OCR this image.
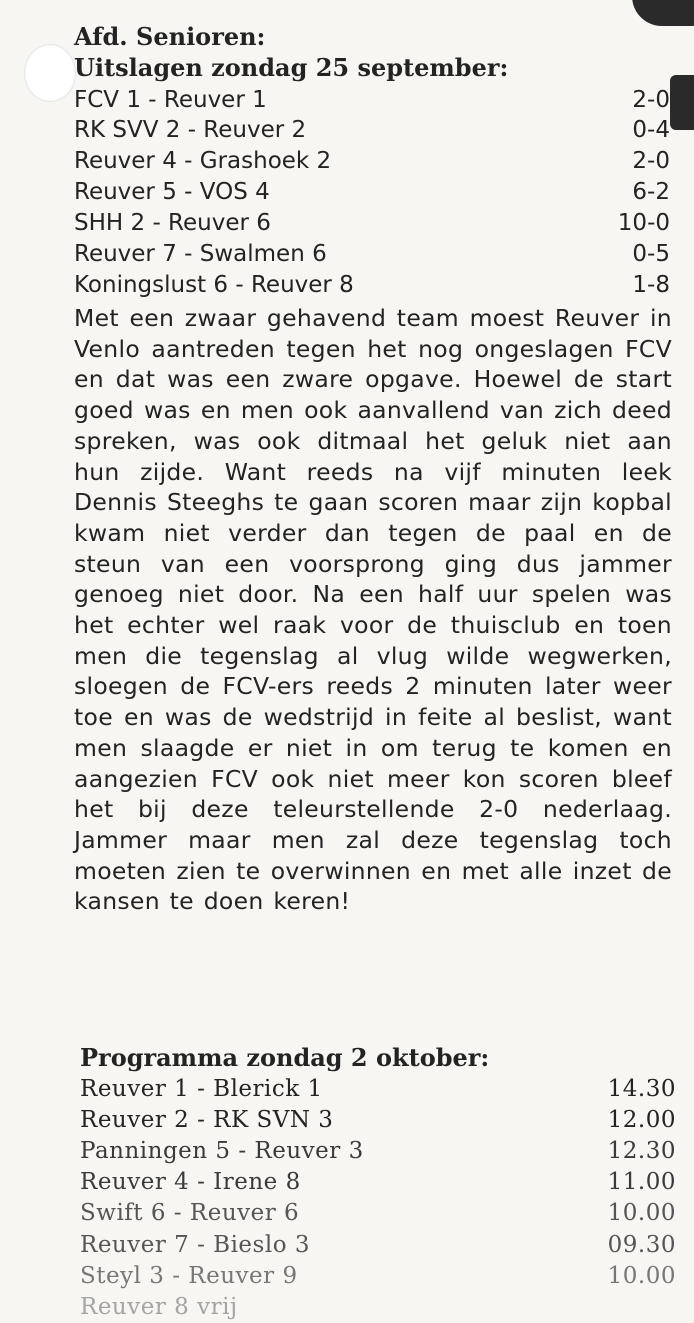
Afd. Senioren:
Uitslagen zondag 25 september:
FCV 1 - Reuver 1	2-0
RK SVV 2 - Reuver 2	0-4
Reuver 4 - Grashoek 2	2-0
Reuver 5 - VOS 4	6-2
SHH 2 - Reuver 6	10-0
Reuver 7 - Swalmen 6	0-5
Koningslust 6 - Reuver 8	1-8

Met een zwaar gehavend team moest Reuver in Venlo aantreden tegen het nog ongeslagen FCV en dat was een zware opgave. Hoewel de start goed was en men ook aanvallend van zich deed spreken, was ook ditmaal het geluk niet aan hun zijde. Want reeds na vijf minuten leek Dennis Steeghs te gaan scoren maar zijn kopbal kwam niet verder dan tegen de paal en de steun van een voorsprong ging dus jammer genoeg niet door. Na een half uur spelen was het echter wel raak voor de thuisclub en toen men die tegenslag al vlug wilde wegwerken, sloegen de FCV-ers reeds 2 minuten later weer toe en was de wedstrijd in feite al beslist, want men slaagde er niet in om terug te komen en aangezien FCV ook niet meer kon scoren bleef het bij deze teleurstellende 2-0 nederlaag. Jammer maar men zal deze tegenslag toch moeten zien te overwinnen en met alle inzet de kansen te doen keren!

Programma zondag 2 oktober:
Reuver 1 - Blerick 1	14.30
Reuver 2 - RK SVN 3	12.00
Panningen 5 - Reuver 3	12.30
Reuver 4 - Irene 8	11.00
Swift 6 - Reuver 6	10.00
Reuver 7 - Bieslo 3	09.30
Steyl 3 - Reuver 9	10.00
Reuver 8 vrij
